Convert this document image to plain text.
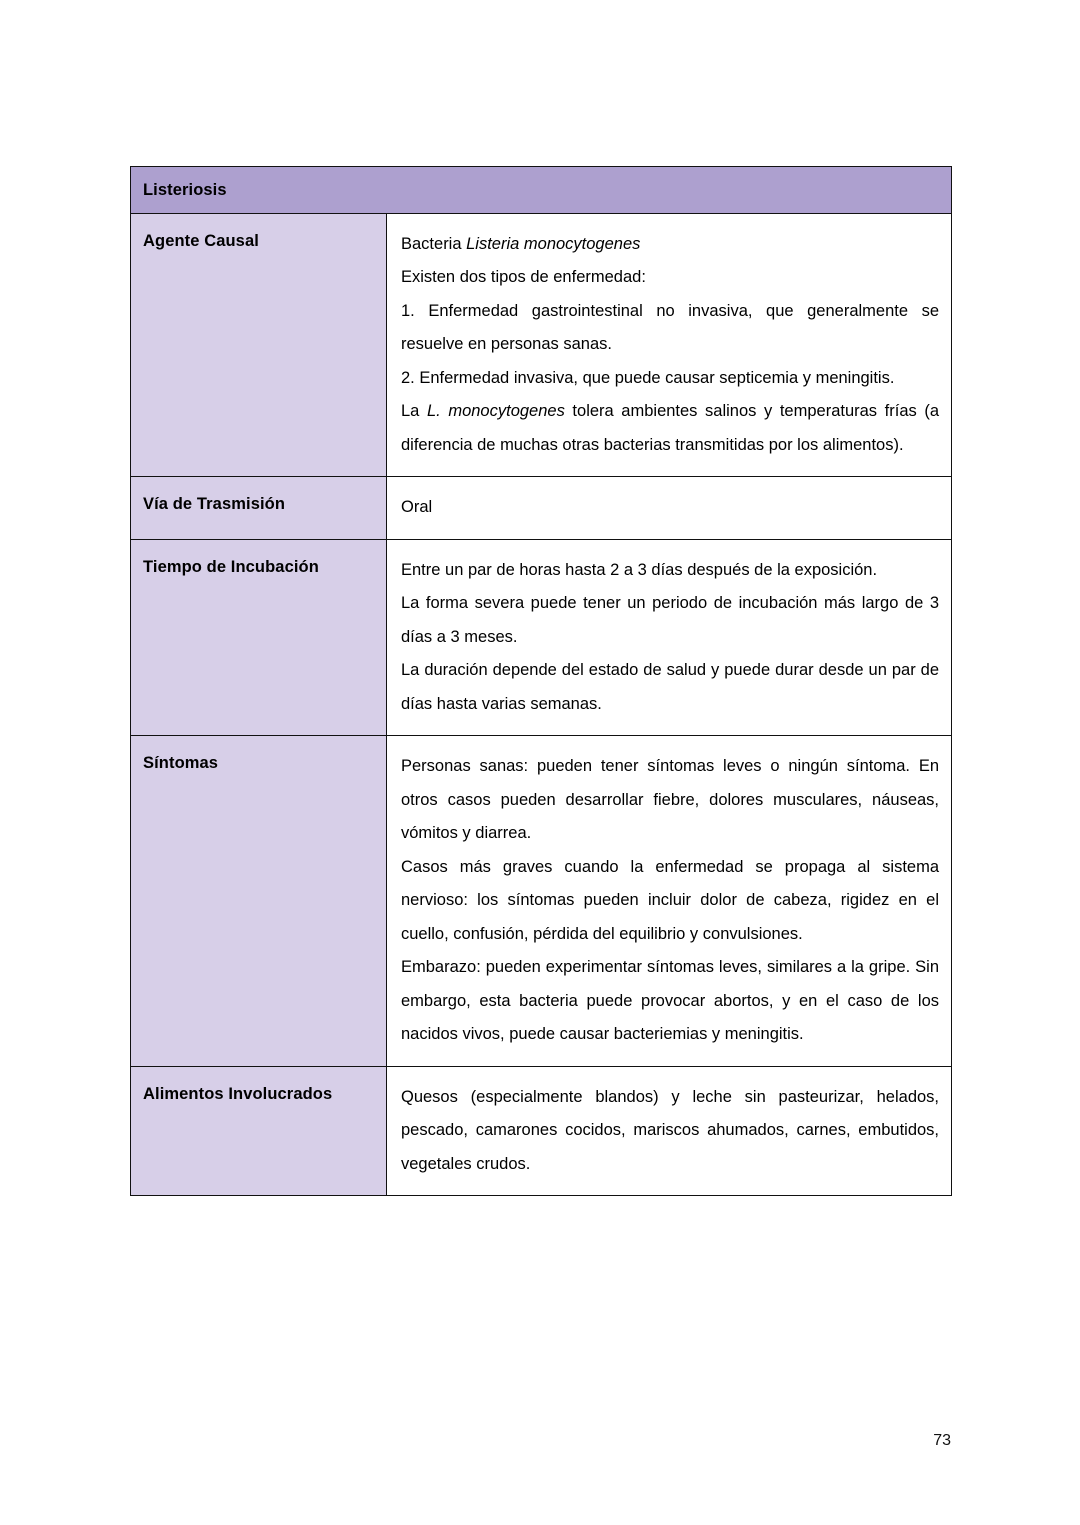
Listeriosis	

Agente Causal	Bacteria Listeria monocytogenes

Existen dos tipos de enfermedad:

1. Enfermedad gastrointestinal no invasiva, que generalmente se resuelve en personas sanas.

2. Enfermedad invasiva, que puede causar septicemia y meningitis.

La L. monocytogenes tolera ambientes salinos y temperaturas frías (a diferencia de muchas otras bacterias transmitidas por los alimentos).

Vía de Trasmisión	Oral

Tiempo de Incubación	Entre un par de horas hasta 2 a 3 días después de la exposición.

La forma severa puede tener un periodo de incubación más largo de 3 días a 3 meses.

La duración depende del estado de salud y puede durar desde un par de días hasta varias semanas.

Síntomas	Personas sanas: pueden tener síntomas leves o ningún síntoma. En otros casos pueden desarrollar fiebre, dolores musculares, náuseas, vómitos y diarrea.

Casos más graves cuando la enfermedad se propaga al sistema nervioso: los síntomas pueden incluir dolor de cabeza, rigidez en el cuello, confusión, pérdida del equilibrio y convulsiones.

Embarazo: pueden experimentar síntomas leves, similares a la gripe. Sin embargo, esta bacteria puede provocar abortos, y en el caso de los nacidos vivos, puede causar bacteriemias y meningitis.

Alimentos Involucrados	Quesos (especialmente blandos) y leche sin pasteurizar, helados, pescado, camarones cocidos, mariscos ahumados, carnes, embutidos, vegetales crudos.

73
